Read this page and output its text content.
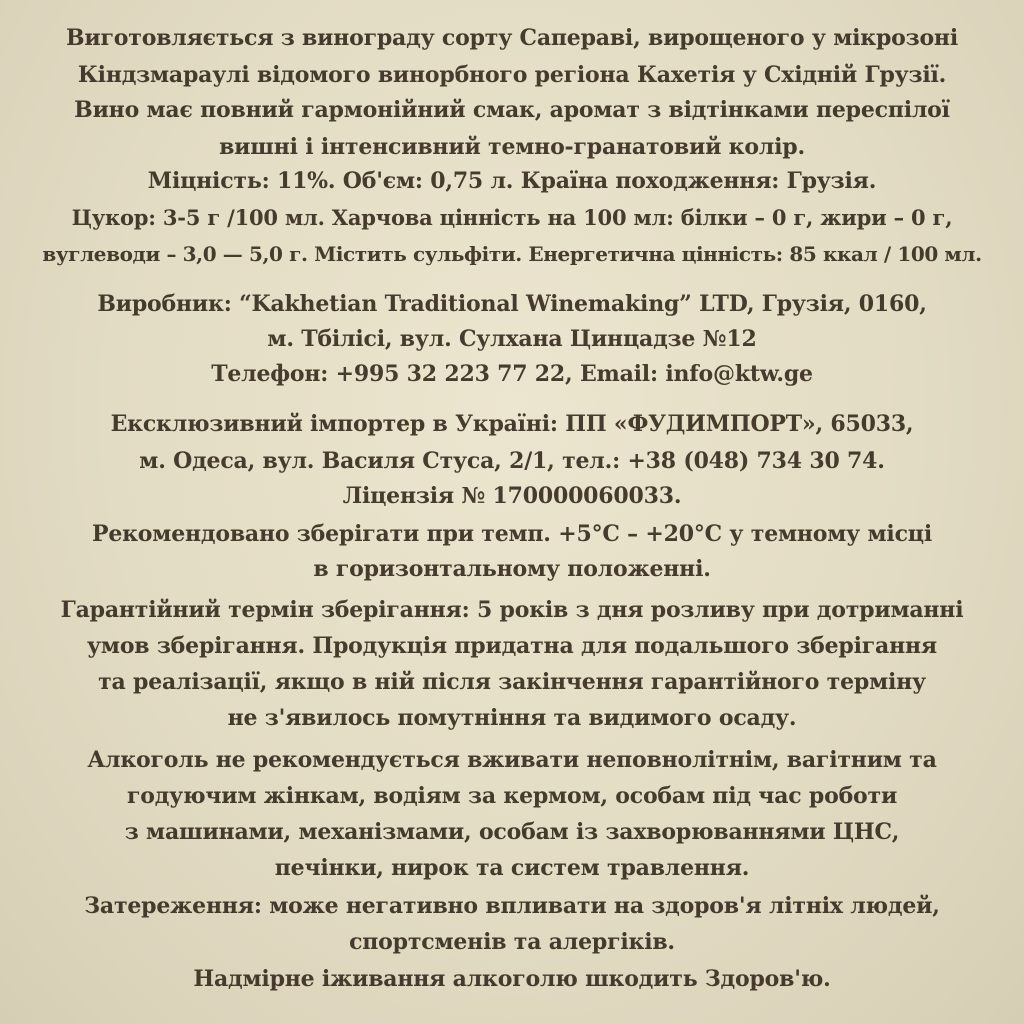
Виготовляється з винограду сорту Сапераві, вирощеного у мікрозоні
Кіндзмараулі відомого винорбного регіона Кахетія у Східній Грузії.
Вино має повний гармонійний смак, аромат з відтінками переспілої
вишні і інтенсивний темно-гранатовий колір.
Міцність: 11%. Об'єм: 0,75 л. Країна походження: Грузія.
Цукор: 3-5 г /100 мл. Харчова цінність на 100 мл: білки – 0 г, жири – 0 г,
вуглеводи – 3,0 — 5,0 г. Містить сульфіти. Енергетична цінність: 85 ккал / 100 мл.
Виробник: “Kakhetian Traditional Winemaking” LTD, Грузія, 0160,
м. Тбілісі, вул. Сулхана Цинцадзе №12
Телефон: +995 32 223 77 22, Email: info@ktw.ge
Ексклюзивний імпортер в Україні: ПП «ФУДИМПОРТ», 65033,
м. Одеса, вул. Василя Стуса, 2/1, тел.: +38 (048) 734 30 74.
Ліцензія № 170000060033.
Рекомендовано зберігати при темп. +5°С – +20°С у темному місці
в горизонтальному положенні.
Гарантійний термін зберігання: 5 років з дня розливу при дотриманні
умов зберігання. Продукція придатна для подальшого зберігання
та реалізації, якщо в ній після закінчення гарантійного терміну
не з'явилось помутніння та видимого осаду.
Алкоголь не рекомендується вживати неповнолітнім, вагітним та
годуючим жінкам, водіям за кермом, особам під час роботи
з машинами, механізмами, особам із захворюваннями ЦНС,
печінки, нирок та систем травлення.
Затереження: може негативно впливати на здоров'я літніх людей,
спортсменів та алергіків.
Надмірне іживання алкоголю шкодить Здоров'ю.
